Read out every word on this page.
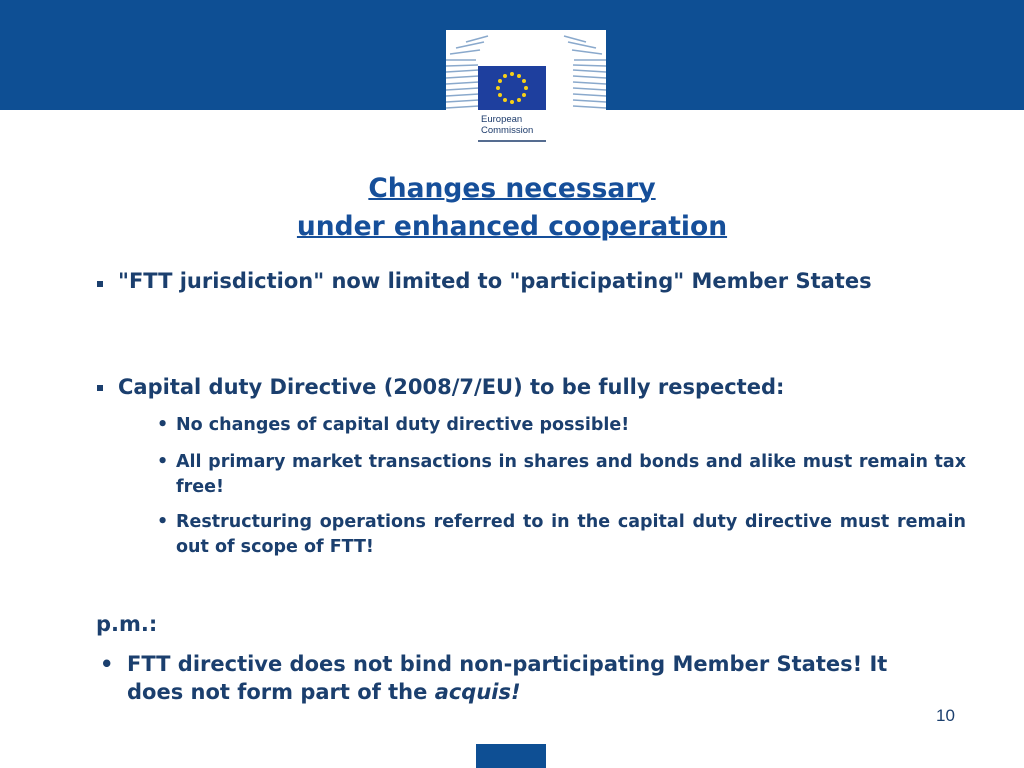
European
Commission
Changes necessary
under enhanced cooperation
"FTT jurisdiction" now limited to "participating" Member States
Capital duty Directive (2008/7/EU) to be fully respected:
• No changes of capital duty directive possible!
• All primary market transactions in shares and bonds and alike must remain tax free!
• Restructuring operations referred to in the capital duty directive must remain out of scope of FTT!
p.m.:
• FTT directive does not bind non-participating Member States! It does not form part of the acquis!
10
